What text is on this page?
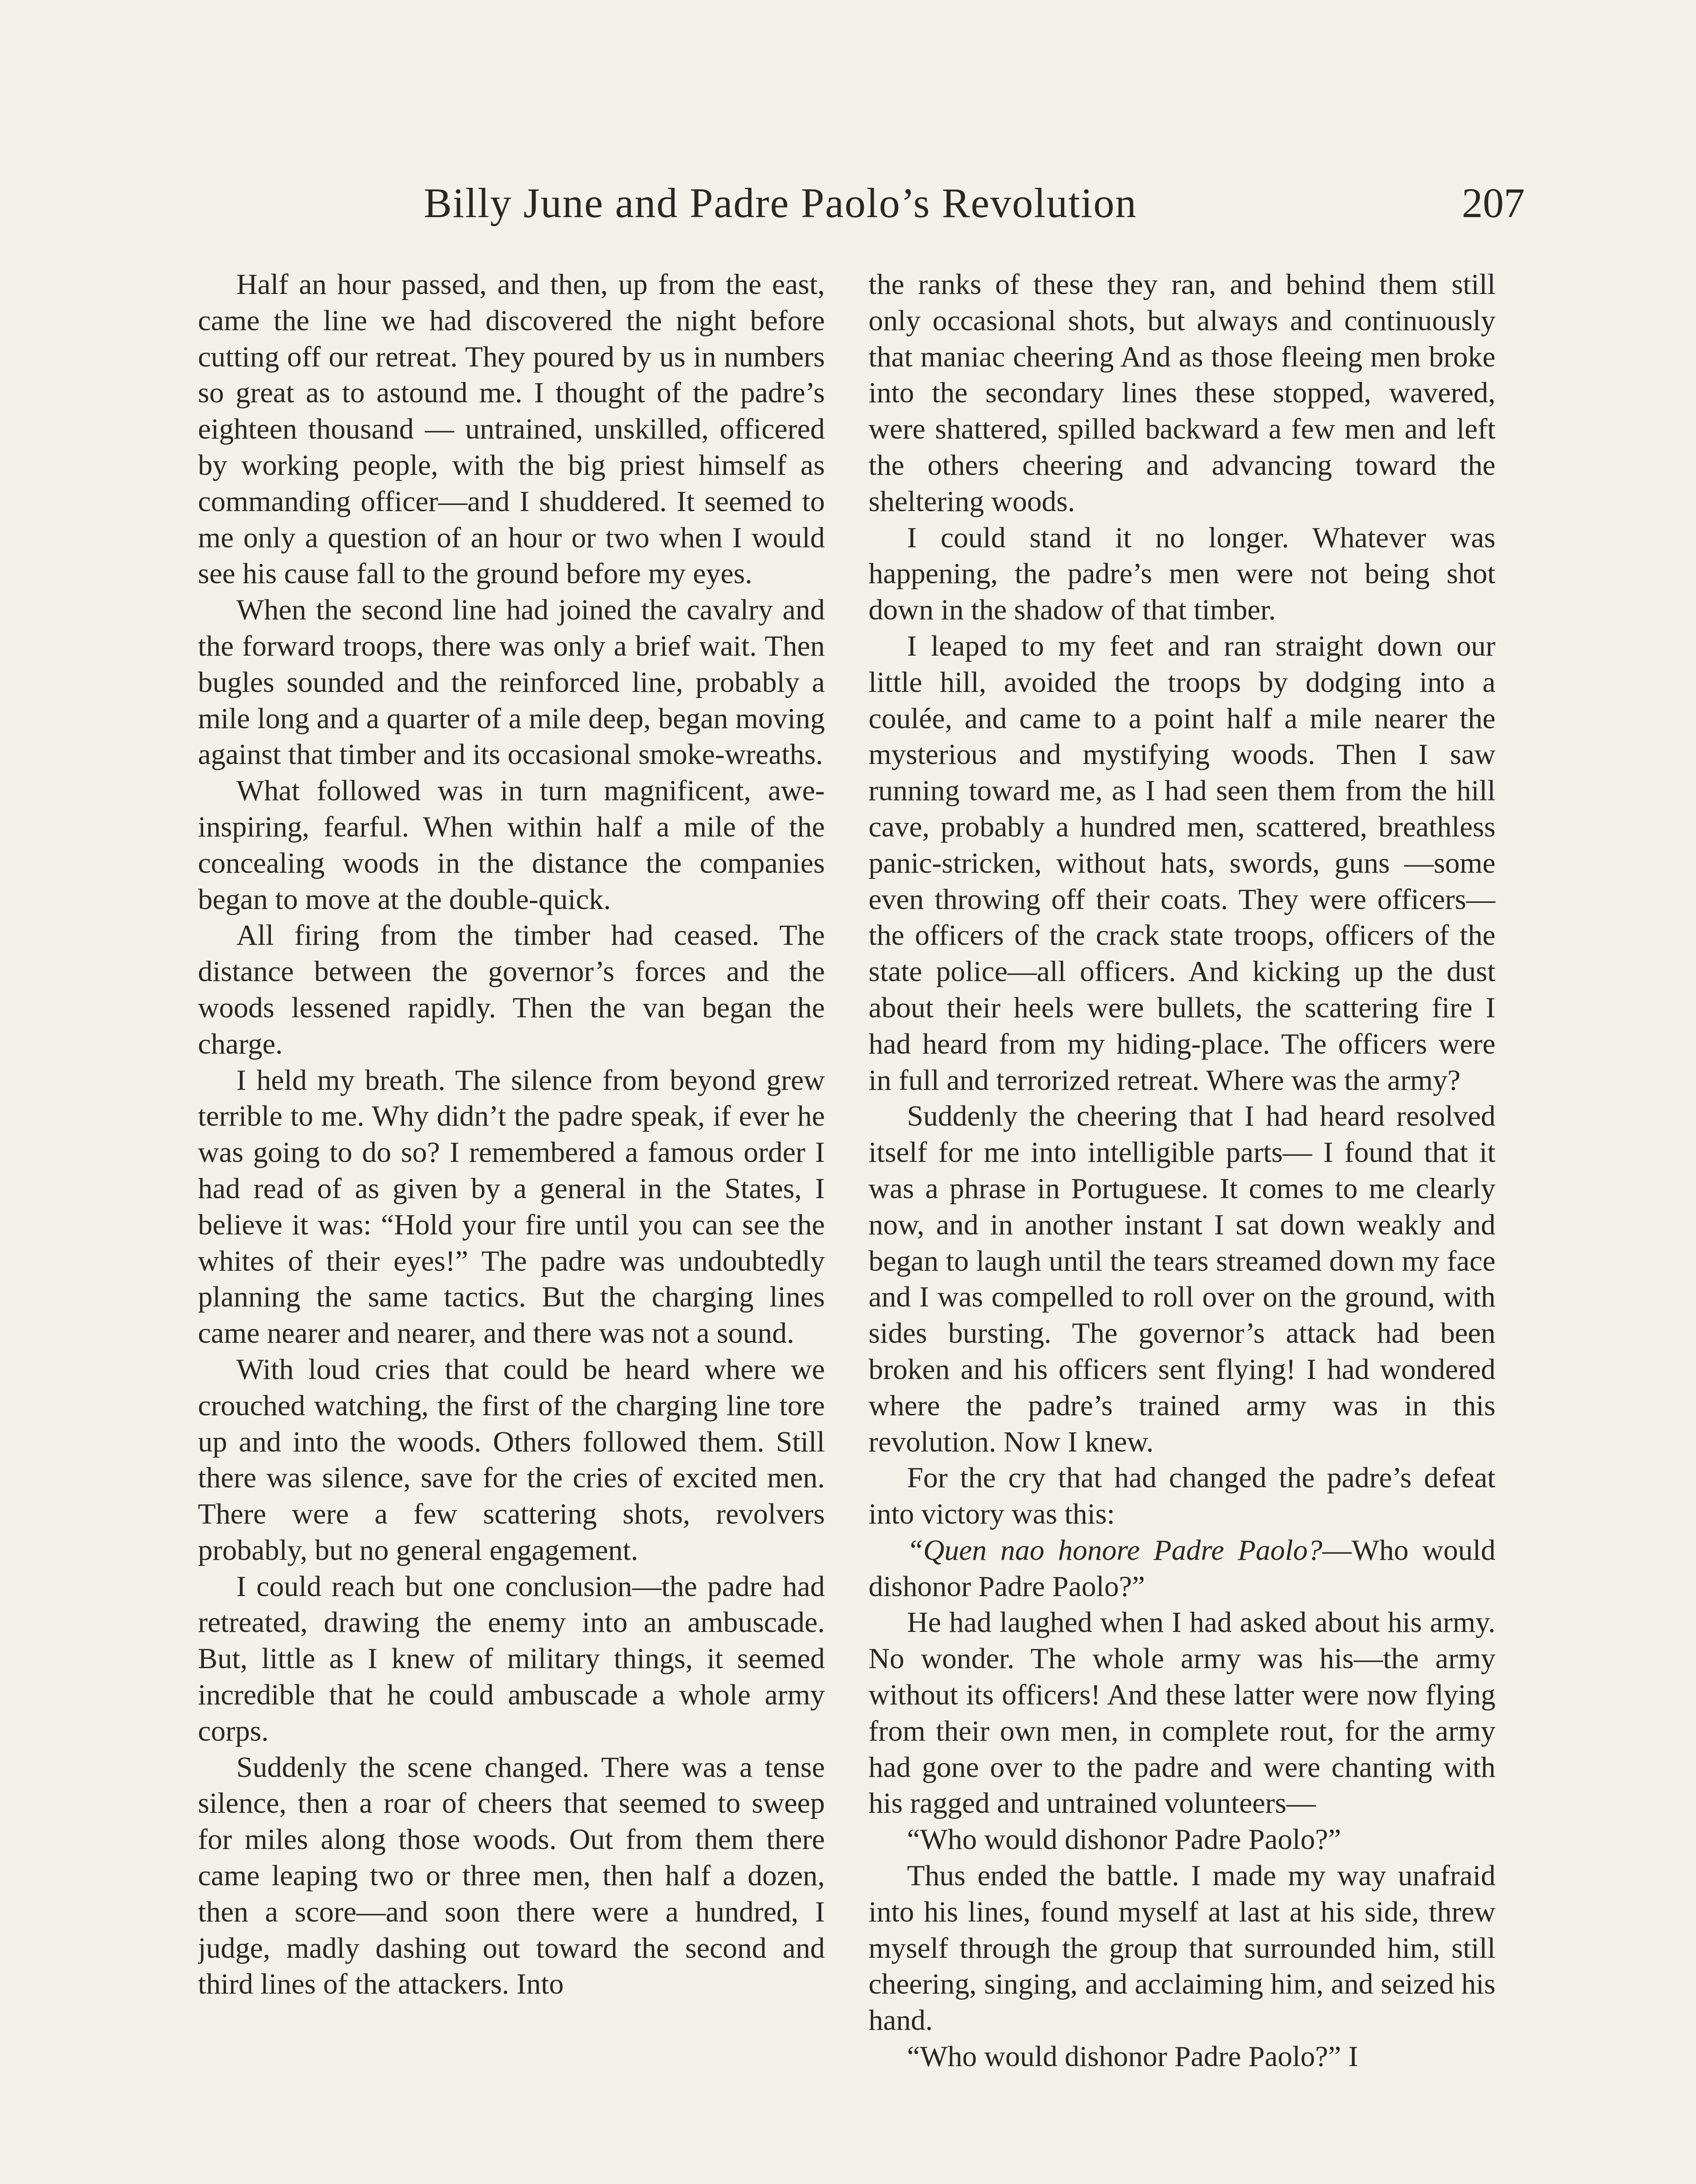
Billy June and Padre Paolo’s Revolution	207

Half an hour passed, and then, up from the east, came the line we had discovered the night before cutting off our retreat. They poured by us in numbers so great as to astound me. I thought of the padre’s eighteen thousand — untrained, unskilled, officered by working people, with the big priest himself as commanding officer—and I shuddered. It seemed to me only a question of an hour or two when I would see his cause fall to the ground before my eyes.

When the second line had joined the cavalry and the forward troops, there was only a brief wait. Then bugles sounded and the reinforced line, probably a mile long and a quarter of a mile deep, began moving against that timber and its occasional smoke-wreaths.

What followed was in turn magnificent, awe-inspiring, fearful. When within half a mile of the concealing woods in the distance the companies began to move at the double-quick.

All firing from the timber had ceased. The distance between the governor’s forces and the woods lessened rapidly. Then the van began the charge.

I held my breath. The silence from beyond grew terrible to me. Why didn’t the padre speak, if ever he was going to do so? I remembered a famous order I had read of as given by a general in the States, I believe it was: “Hold your fire until you can see the whites of their eyes!” The padre was undoubtedly planning the same tactics. But the charging lines came nearer and nearer, and there was not a sound.

With loud cries that could be heard where we crouched watching, the first of the charging line tore up and into the woods. Others followed them. Still there was silence, save for the cries of excited men. There were a few scattering shots, revolvers probably, but no general engagement.

I could reach but one conclusion—the padre had retreated, drawing the enemy into an ambuscade. But, little as I knew of military things, it seemed incredible that he could ambuscade a whole army corps.

Suddenly the scene changed. There was a tense silence, then a roar of cheers that seemed to sweep for miles along those woods. Out from them there came leaping two or three men, then half a dozen, then a score—and soon there were a hundred, I judge, madly dashing out toward the second and third lines of the attackers. Into

the ranks of these they ran, and behind them still only occasional shots, but always and continuously that maniac cheering And as those fleeing men broke into the secondary lines these stopped, wavered, were shattered, spilled backward a few men and left the others cheering and advancing toward the sheltering woods.

I could stand it no longer. Whatever was happening, the padre’s men were not being shot down in the shadow of that timber.

I leaped to my feet and ran straight down our little hill, avoided the troops by dodging into a coulée, and came to a point half a mile nearer the mysterious and mystifying woods. Then I saw running toward me, as I had seen them from the hill cave, probably a hundred men, scattered, breathless panic-stricken, without hats, swords, guns —some even throwing off their coats. They were officers—the officers of the crack state troops, officers of the state police—all officers. And kicking up the dust about their heels were bullets, the scattering fire I had heard from my hiding-place. The officers were in full and terrorized retreat. Where was the army?

Suddenly the cheering that I had heard resolved itself for me into intelligible parts— I found that it was a phrase in Portuguese. It comes to me clearly now, and in another instant I sat down weakly and began to laugh until the tears streamed down my face and I was compelled to roll over on the ground, with sides bursting. The governor’s attack had been broken and his officers sent flying! I had wondered where the padre’s trained army was in this revolution. Now I knew.

For the cry that had changed the padre’s defeat into victory was this:

“Quen nao honore Padre Paolo?—Who would dishonor Padre Paolo?”

He had laughed when I had asked about his army. No wonder. The whole army was his—the army without its officers! And these latter were now flying from their own men, in complete rout, for the army had gone over to the padre and were chanting with his ragged and untrained volunteers—

“Who would dishonor Padre Paolo?”

Thus ended the battle. I made my way unafraid into his lines, found myself at last at his side, threw myself through the group that surrounded him, still cheering, singing, and acclaiming him, and seized his hand.

“Who would dishonor Padre Paolo?” I
